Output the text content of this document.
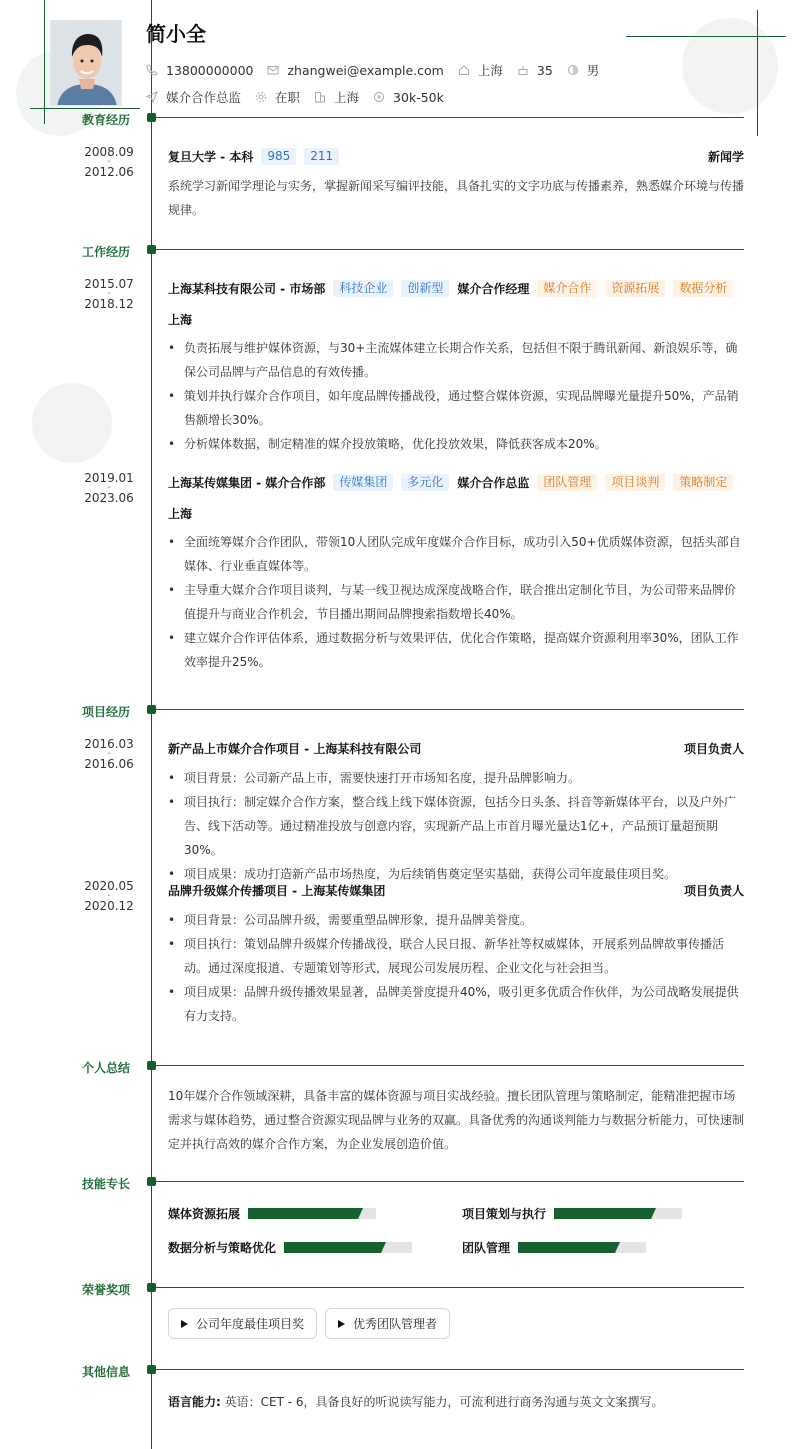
简小全
13800000000	zhangwei@example.com	上海	35	男
媒介合作总监	在职	上海	30k-50k
教育经历
2008.09
-
2012.06
复旦大学 - 本科	985	211	新闻学
系统学习新闻学理论与实务，掌握新闻采写编评技能，具备扎实的文字功底与传播素养，熟悉媒介环境与传播规律。
工作经历
2015.07
-
2018.12
上海某科技有限公司 - 市场部	科技企业	创新型	媒介合作经理	媒介合作	资源拓展	数据分析
上海
• 负责拓展与维护媒体资源，与30+主流媒体建立长期合作关系，包括但不限于腾讯新闻、新浪娱乐等，确保公司品牌与产品信息的有效传播。
• 策划并执行媒介合作项目，如年度品牌传播战役，通过整合媒体资源，实现品牌曝光量提升50%，产品销售额增长30%。
• 分析媒体数据，制定精准的媒介投放策略，优化投放效果，降低获客成本20%。
2019.01
-
2023.06
上海某传媒集团 - 媒介合作部	传媒集团	多元化	媒介合作总监	团队管理	项目谈判	策略制定
上海
• 全面统筹媒介合作团队，带领10人团队完成年度媒介合作目标，成功引入50+优质媒体资源，包括头部自媒体、行业垂直媒体等。
• 主导重大媒介合作项目谈判，与某一线卫视达成深度战略合作，联合推出定制化节目，为公司带来品牌价值提升与商业合作机会，节目播出期间品牌搜索指数增长40%。
• 建立媒介合作评估体系，通过数据分析与效果评估，优化合作策略，提高媒介资源利用率30%，团队工作效率提升25%。
项目经历
2016.03
-
2016.06
新产品上市媒介合作项目 - 上海某科技有限公司	项目负责人
• 项目背景：公司新产品上市，需要快速打开市场知名度，提升品牌影响力。
• 项目执行：制定媒介合作方案，整合线上线下媒体资源，包括今日头条、抖音等新媒体平台，以及户外广告、线下活动等。通过精准投放与创意内容，实现新产品上市首月曝光量达1亿+，产品预订量超预期30%。
• 项目成果：成功打造新产品市场热度，为后续销售奠定坚实基础，获得公司年度最佳项目奖。
2020.05
-
2020.12
品牌升级媒介传播项目 - 上海某传媒集团	项目负责人
• 项目背景：公司品牌升级，需要重塑品牌形象，提升品牌美誉度。
• 项目执行：策划品牌升级媒介传播战役，联合人民日报、新华社等权威媒体，开展系列品牌故事传播活动。通过深度报道、专题策划等形式，展现公司发展历程、企业文化与社会担当。
• 项目成果：品牌升级传播效果显著，品牌美誉度提升40%，吸引更多优质合作伙伴，为公司战略发展提供有力支持。
个人总结
10年媒介合作领域深耕，具备丰富的媒体资源与项目实战经验。擅长团队管理与策略制定，能精准把握市场需求与媒体趋势，通过整合资源实现品牌与业务的双赢。具备优秀的沟通谈判能力与数据分析能力，可快速制定并执行高效的媒介合作方案，为企业发展创造价值。
技能专长
媒体资源拓展	项目策划与执行
数据分析与策略优化	团队管理
荣誉奖项
公司年度最佳项目奖	优秀团队管理者
其他信息
语言能力: 英语：CET - 6，具备良好的听说读写能力，可流利进行商务沟通与英文文案撰写。
